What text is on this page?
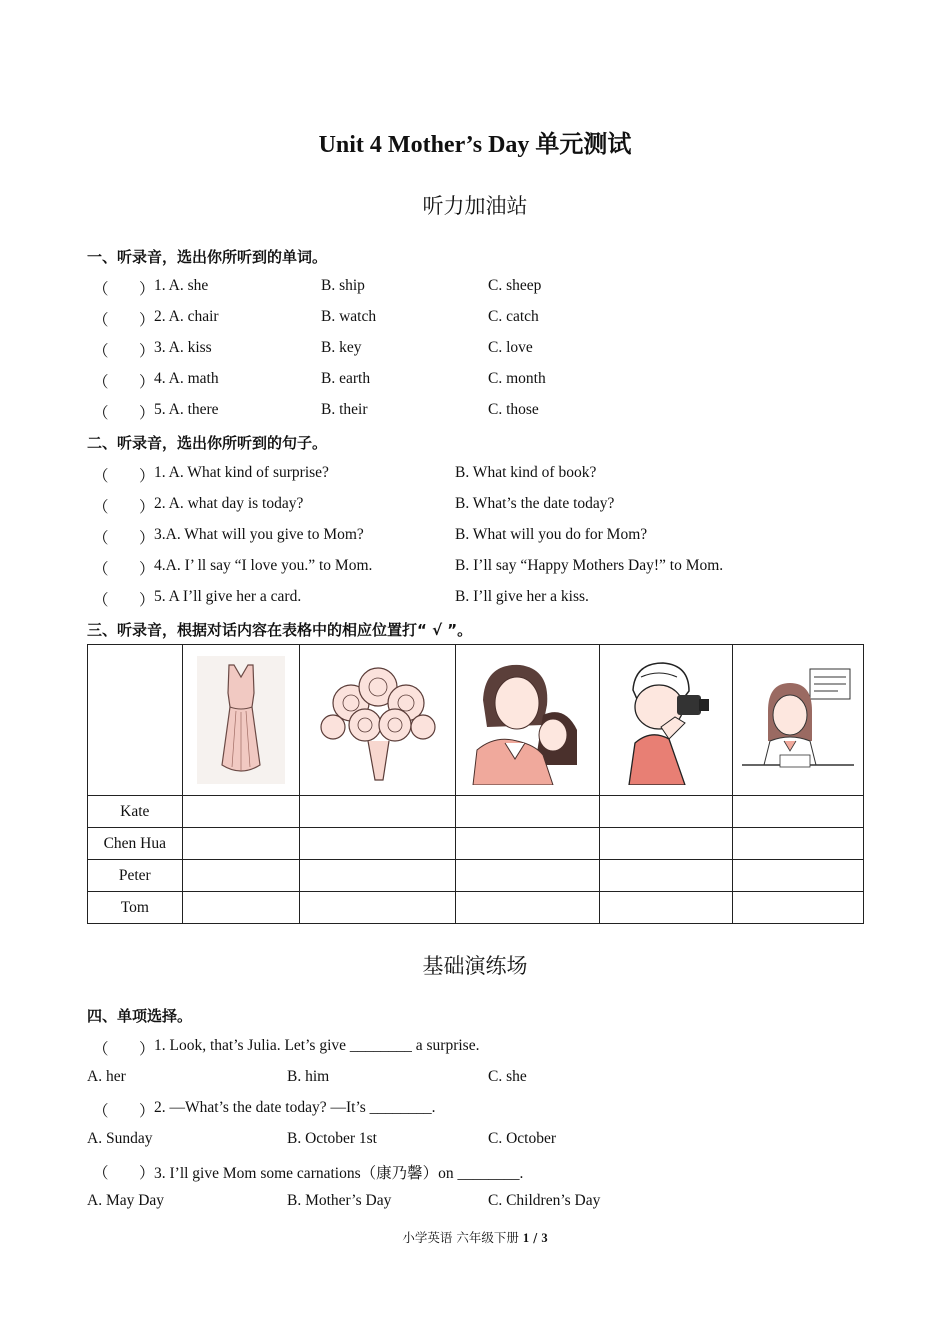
Unit 4 Mother’s Day 单元测试
听力加油站
一、听录音，选出你所听到的单词。
（ ） 1. A. she	B. ship	C. sheep
（ ） 2. A. chair	B. watch	C. catch
（ ） 3. A. kiss	B. key	C. love
（ ） 4. A. math	B. earth	C. month
（ ） 5. A. there	B. their	C. those
二、听录音，选出你所听到的句子。
（ ） 1. A. What kind of surprise?	B. What kind of book?
（ ） 2. A. what day is today?	B. What’s the date today?
（ ） 3.A. What will you give to Mom?	B. What will you do for Mom?
（ ） 4.A. I’ ll say “I love you.” to Mom.	B. I’ll say “Happy Mothers Day!” to Mom.
（ ） 5. A I’ll give her a card.	B. I’ll give her a kiss.
三、听录音，根据对话内容在表格中的相应位置打“ √ ”。

Kate					
Chen Hua					
Peter					
Tom					
基础演练场
四、单项选择。
（ ） 1. Look, that’s Julia. Let’s give ________ a surprise.
A. her	B. him	C. she
（ ） 2. —What’s the date today? —It’s ________.
A. Sunday	B. October 1st	C. October
（ ） 3. I’ll give Mom some carnations（康乃馨）on ________.
A. May Day	B. Mother’s Day	C. Children’s Day
小学英语 六年级下册 1 / 3
